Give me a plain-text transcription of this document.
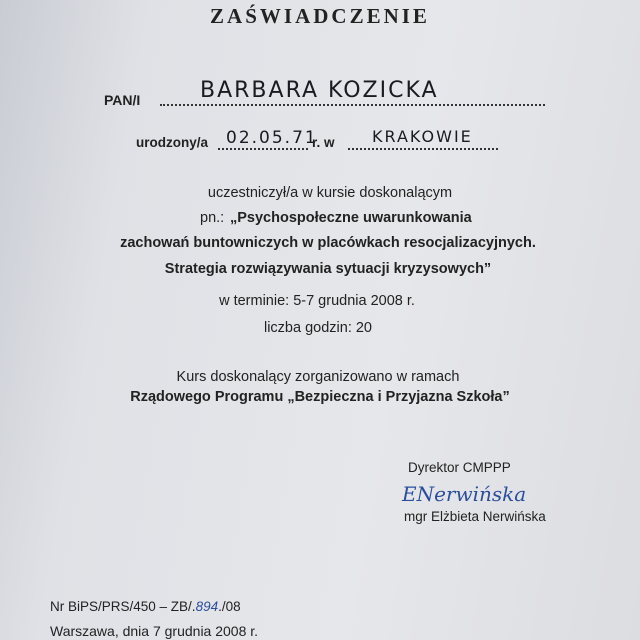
ZAŚWIADCZENIE
PAN/I	BARBARA KOZICKA
urodzony/a 02.05.71
r. w KRAKOWIE
uczestniczył/a w kursie doskonalącym
pn.: „Psychospołeczne uwarunkowania
zachowań buntowniczych w placówkach resocjalizacyjnych.
Strategia rozwiązywania sytuacji kryzysowych”
w terminie: 5-7 grudnia 2008 r.
liczba godzin: 20
Kurs doskonalący zorganizowano w ramach
Rządowego Programu „Bezpieczna i Przyjazna Szkoła”
Dyrektor CMPPP
ENerwińska
mgr Elżbieta Nerwińska
Nr BiPS/PRS/450 – ZB/.894./08
Warszawa, dnia 7 grudnia 2008 r.
